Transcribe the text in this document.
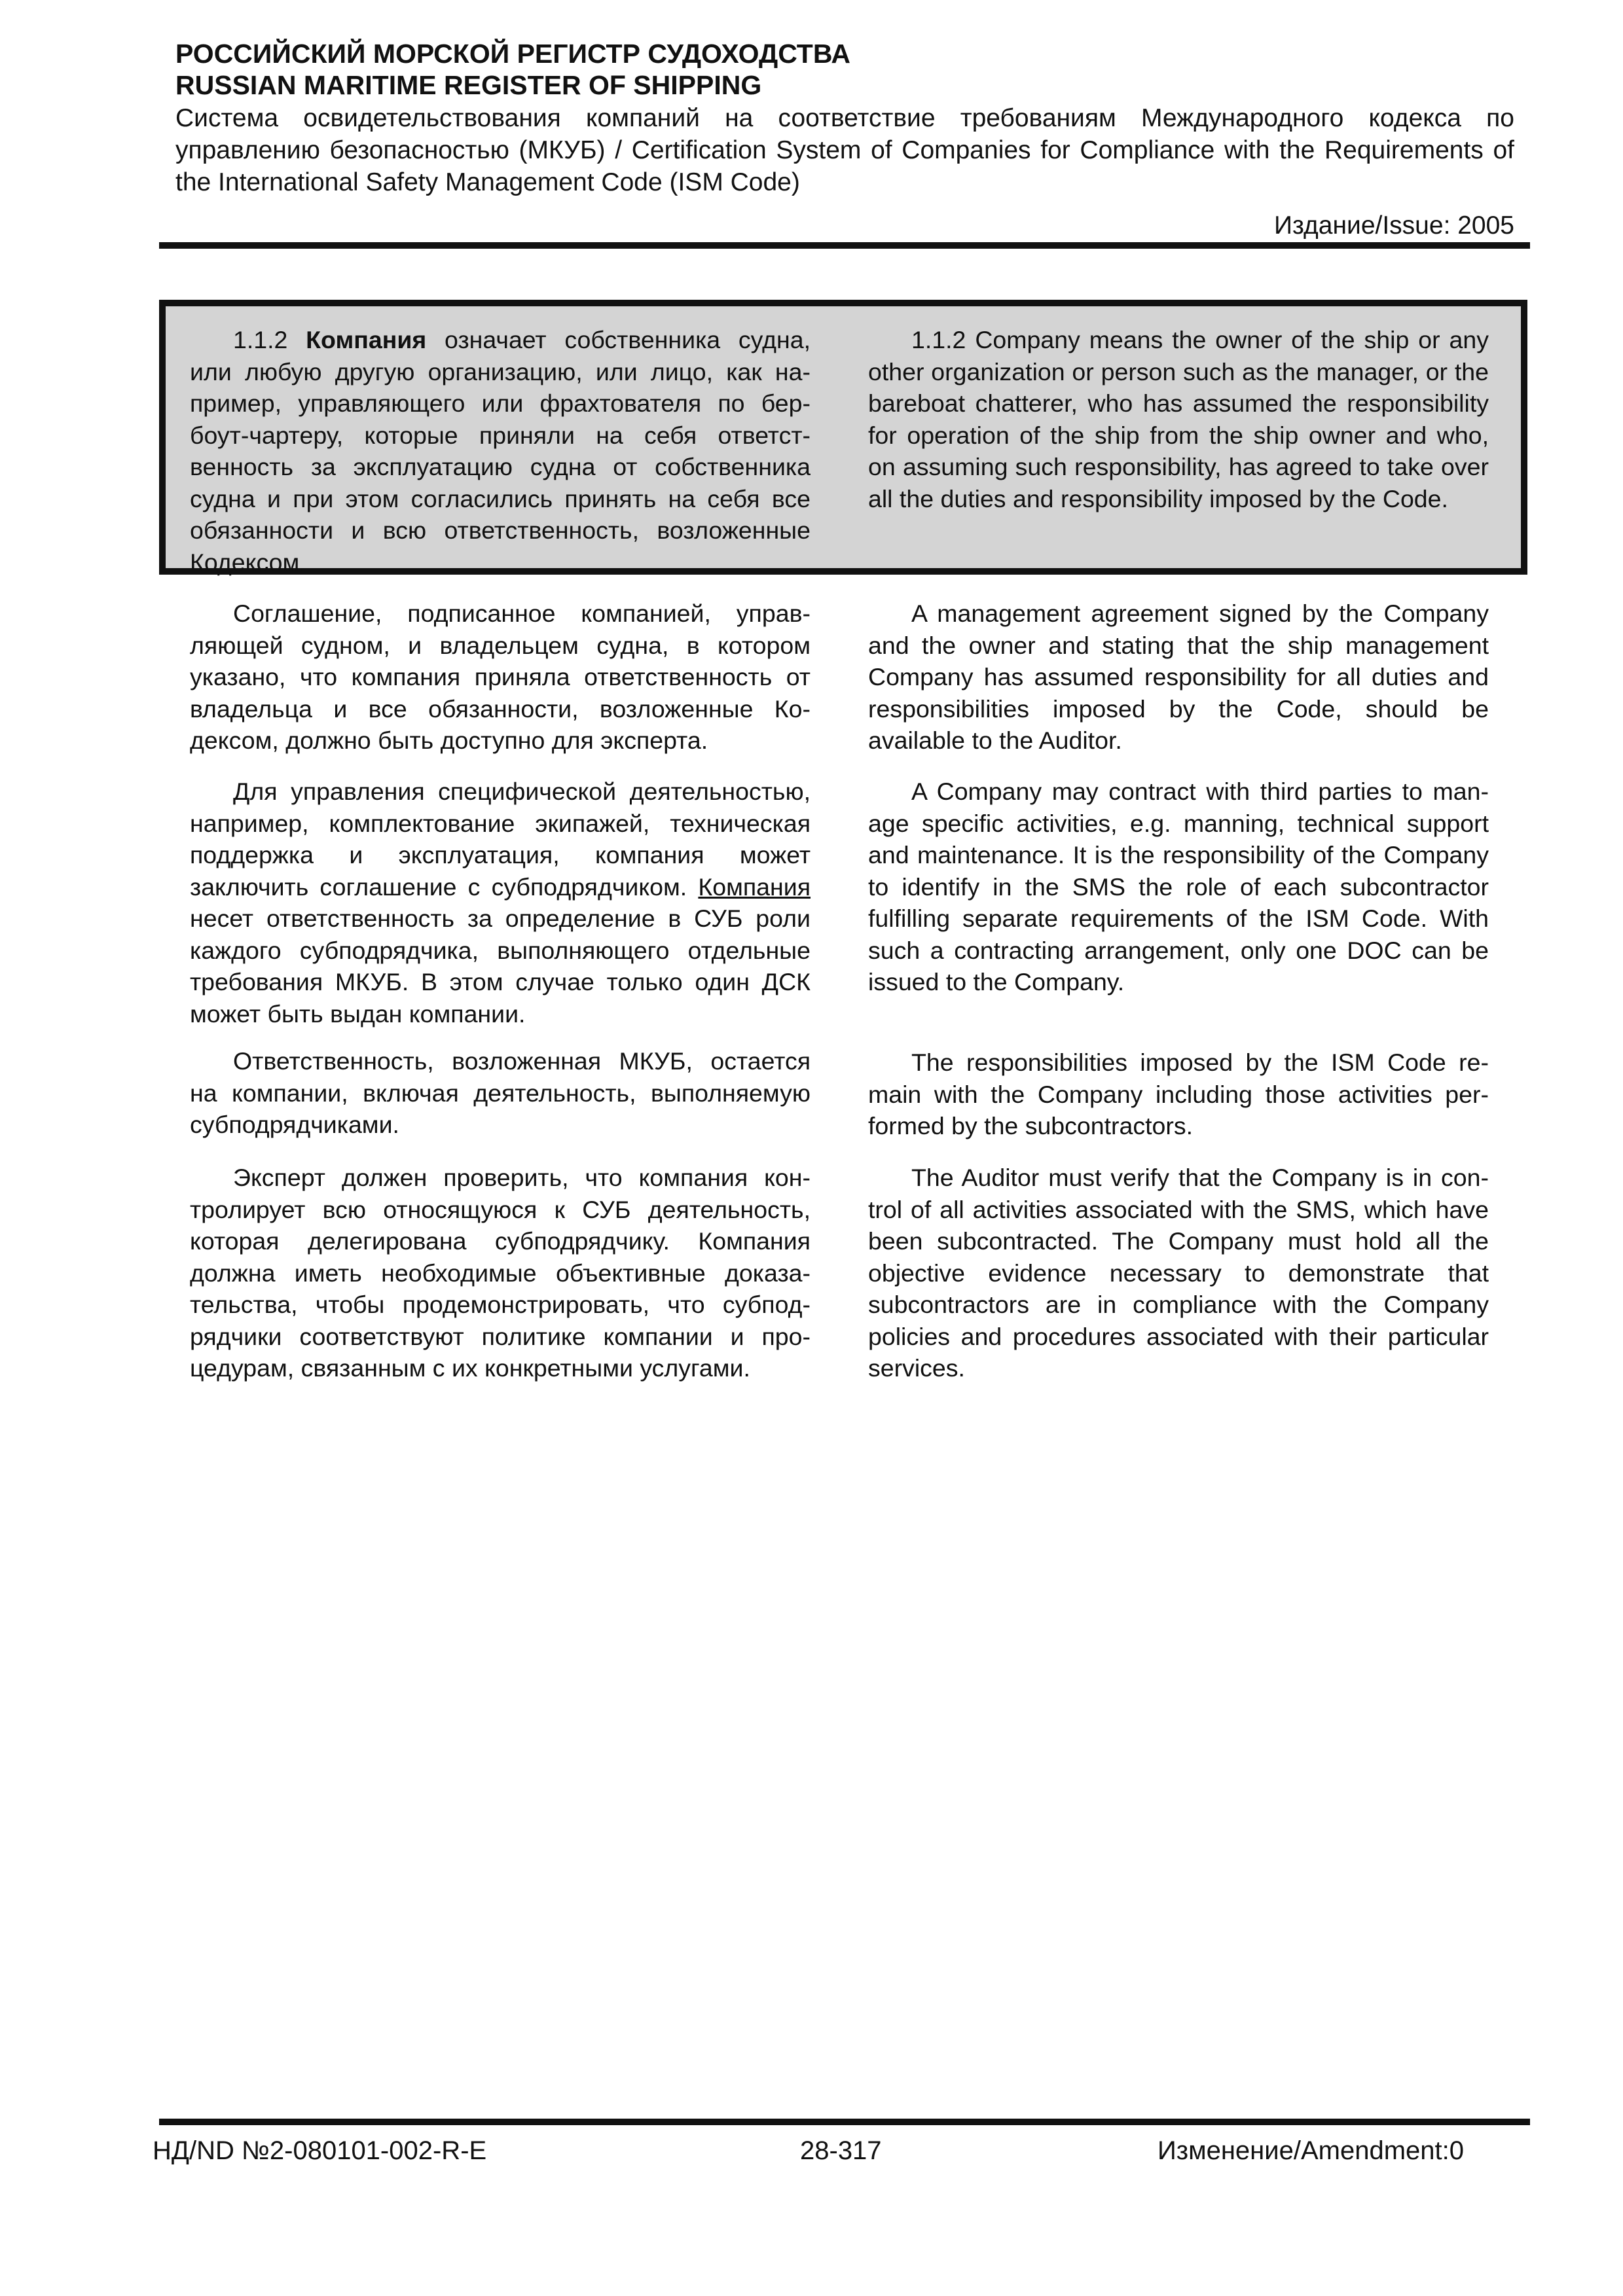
РОССИЙСКИЙ МОРСКОЙ РЕГИСТР СУДОХОДСТВА
RUSSIAN MARITIME REGISTER OF SHIPPING
Система освидетельствования компаний на соответствие требованиям Международного кодекса по управлению безопасностью (МКУБ) / Certification System of Companies for Compliance with the Requirements of the International Safety Management Code (ISM Code)
Издание/Issue: 2005

1.1.2 Компания означает собственника судна, или любую другую организацию, или лицо, как например, управляющего или фрахтователя по бербоут-чартеру, которые приняли на себя ответственность за эксплуатацию судна от собственника судна и при этом согласились принять на себя все обязанности и всю ответственность, возложенные Кодексом.

1.1.2 Company means the owner of the ship or any other organization or person such as the manager, or the bareboat chatterer, who has assumed the responsibility for operation of the ship from the ship owner and who, on assuming such responsibility, has agreed to take over all the duties and responsibility imposed by the Code.

Соглашение, подписанное компанией, управляющей судном, и владельцем судна, в котором указано, что компания приняла ответственность от владельца и все обязанности, возложенные Кодексом, должно быть доступно для эксперта.

A management agreement signed by the Company and the owner and stating that the ship management Company has assumed responsibility for all duties and responsibilities imposed by the Code, should be available to the Auditor.

Для управления специфической деятельностью, например, комплектование экипажей, техническая поддержка и эксплуатация, компания может заключить соглашение с субподрядчиком. Компания несет ответственность за определение в СУБ роли каждого субподрядчика, выполняющего отдельные требования МКУБ. В этом случае только один ДСК может быть выдан компании.

A Company may contract with third parties to manage specific activities, e.g. manning, technical support and maintenance. It is the responsibility of the Company to identify in the SMS the role of each subcontractor fulfilling separate requirements of the ISM Code. With such a contracting arrangement, only one DOC can be issued to the Company.

Ответственность, возложенная МКУБ, остается на компании, включая деятельность, выполняемую субподрядчиками.

The responsibilities imposed by the ISM Code remain with the Company including those activities performed by the subcontractors.

Эксперт должен проверить, что компания контролирует всю относящуюся к СУБ деятельность, которая делегирована субподрядчику. Компания должна иметь необходимые объективные доказательства, чтобы продемонстрировать, что субподрядчики соответствуют политике компании и процедурам, связанным с их конкретными услугами.

The Auditor must verify that the Company is in control of all activities associated with the SMS, which have been subcontracted. The Company must hold all the objective evidence necessary to demonstrate that subcontractors are in compliance with the Company policies and procedures associated with their particular services.

НД/ND №2-080101-002-R-E	28-317	Изменение/Amendment:0
